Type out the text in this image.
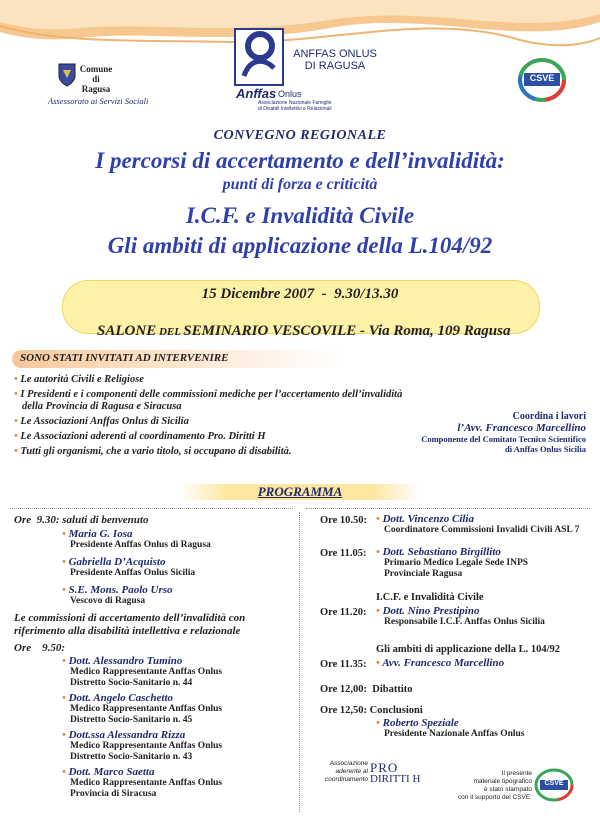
Comune
di
Ragusa
Assessorato ai Servizi Sociali	Anffas Onlus
Associazione Nazionale Famiglie
di Disabili Intellettivi e Relazionali
ANFFAS ONLUS
DI RAGUSA
CSVE
CONVEGNO REGIONALE
I percorsi di accertamento e dell’invalidità:
punti di forza e criticità
I.C.F. e Invalidità Civile
Gli ambiti di applicazione della L.104/92
15 Dicembre 2007  -  9.30/13.30

SALONE DEL SEMINARIO VESCOVILE - Via Roma, 109 Ragusa

SONO STATI INVITATI AD INTERVENIRE
• Le autorità Civili e Religiose
• I Presidenti e i componenti delle commissioni mediche per l’accertamento dell’invalidità
della Provincia di Ragusa e Siracusa
• Le Associazioni Anffas Onlus di Sicilia
• Le Associazioni aderenti al coordinamento Pro. Diritti H
• Tutti gli organismi, che a vario titolo, si occupano di disabilità.
Coordina i lavori
l’Avv. Francesco Marcellino
Componente del Comitato Tecnico Scientifico
di Anffas Onlus Sicilia
PROGRAMMA
Ore  9.30: saluti di benvenuto
• Maria G. Iosa
Presidente Anffas Onlus di Ragusa
• Gabriella D’Acquisto
Presidente Anffas Onlus Sicilia
• S.E. Mons. Paolo Urso
Vescovo di Ragusa
Le commissioni di accertamento dell’invalidità con
riferimento alla disabilità intellettiva e relazionale
Ore    9.50:
• Dott. Alessandro Tumino
Medico Rappresentante Anffas Onlus
Distretto Socio-Sanitario n. 44
• Dott. Angelo Caschetto
Medico Rappresentante Anffas Onlus
Distretto Socio-Sanitario n. 45
• Dott.ssa Alessandra Rizza
Medico Rappresentante Anffas Onlus
Distretto Socio-Sanitario n. 43
• Dott. Marco Saetta
Medico Rappresentante Anffas Onlus
Provincia di Siracusa
Ore 10.50: • Dott. Vincenzo Cilia
Coordinatore Commissioni Invalidi Civili ASL 7
Ore 11.05: • Dott. Sebastiano Birgillito
Primario Medico Legale Sede INPS
Provinciale Ragusa
I.C.F. e Invalidità Civile
Ore 11.20: • Dott. Nino Prestipino
Responsabile I.C.F. Anffas Onlus Sicilia
Gli ambiti di applicazione della L. 104/92
Ore 11.35: • Avv. Francesco Marcellino
Ore 12,00:  Dibattito
Ore 12,50: Conclusioni
• Roberto Speziale
Presidente Nazionale Anffas Onlus
Associazione
aderente al
coordinamento
PRO
DIRITTI H	Il presente
materiale tipografico
è stato stampato
con il supporto del CSVE:
CSVE
